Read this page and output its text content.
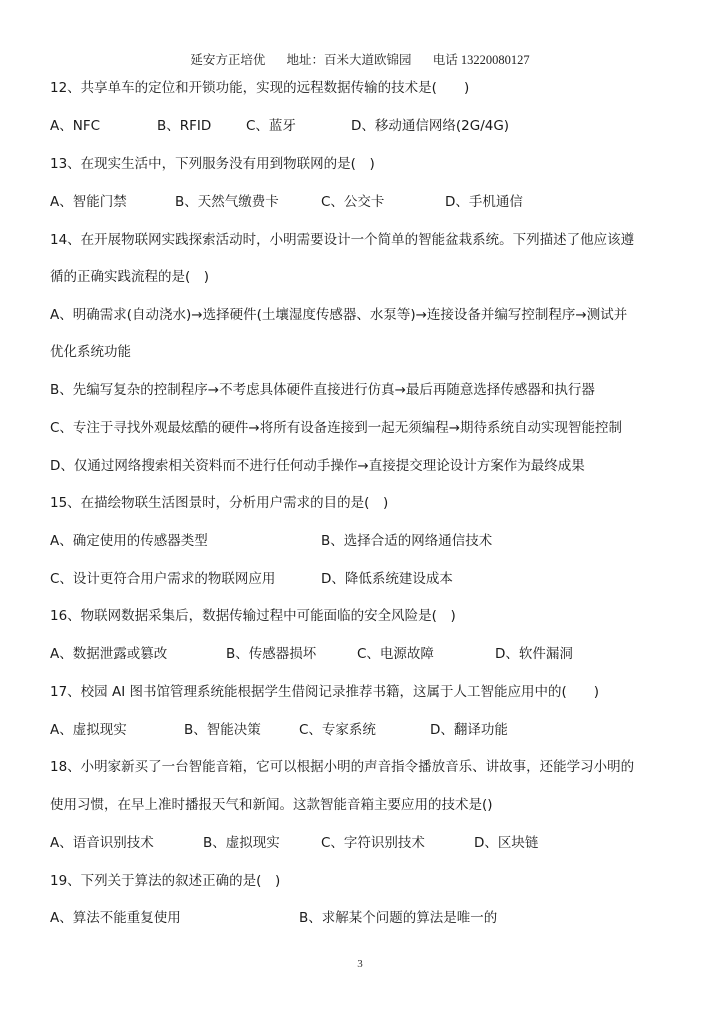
延安方正培优 地址：百米大道欧锦园 电话 13220080127
12、共享单车的定位和开锁功能，实现的远程数据传输的技术是(　　)
A、NFC	B、RFID	C、蓝牙	D、移动通信网络(2G/4G)
13、在现实生活中，下列服务没有用到物联网的是(　)
A、智能门禁	B、天然气缴费卡	C、公交卡	D、手机通信
14、在开展物联网实践探索活动时，小明需要设计一个简单的智能盆栽系统。下列描述了他应该遵
循的正确实践流程的是(　)
A、明确需求(自动浇水)→选择硬件(土壤湿度传感器、水泵等)→连接设备并编写控制程序→测试并
优化系统功能
B、先编写复杂的控制程序→不考虑具体硬件直接进行仿真→最后再随意选择传感器和执行器
C、专注于寻找外观最炫酷的硬件→将所有设备连接到一起无须编程→期待系统自动实现智能控制
D、仅通过网络搜索相关资料而不进行任何动手操作→直接提交理论设计方案作为最终成果
15、在描绘物联生活图景时，分析用户需求的目的是(　)
A、确定使用的传感器类型	B、选择合适的网络通信技术
C、设计更符合用户需求的物联网应用	D、降低系统建设成本
16、物联网数据采集后，数据传输过程中可能面临的安全风险是(　)
A、数据泄露或篡改	B、传感器损坏	C、电源故障	D、软件漏洞
17、校园 AI 图书馆管理系统能根据学生借阅记录推荐书籍，这属于人工智能应用中的(　　)
A、虚拟现实	B、智能决策	C、专家系统	D、翻译功能
18、小明家新买了一台智能音箱，它可以根据小明的声音指令播放音乐、讲故事，还能学习小明的
使用习惯，在早上准时播报天气和新闻。这款智能音箱主要应用的技术是()
A、语音识别技术	B、虚拟现实	C、字符识别技术	D、区块链
19、下列关于算法的叙述正确的是(　)
A、算法不能重复使用	B、求解某个问题的算法是唯一的
3
